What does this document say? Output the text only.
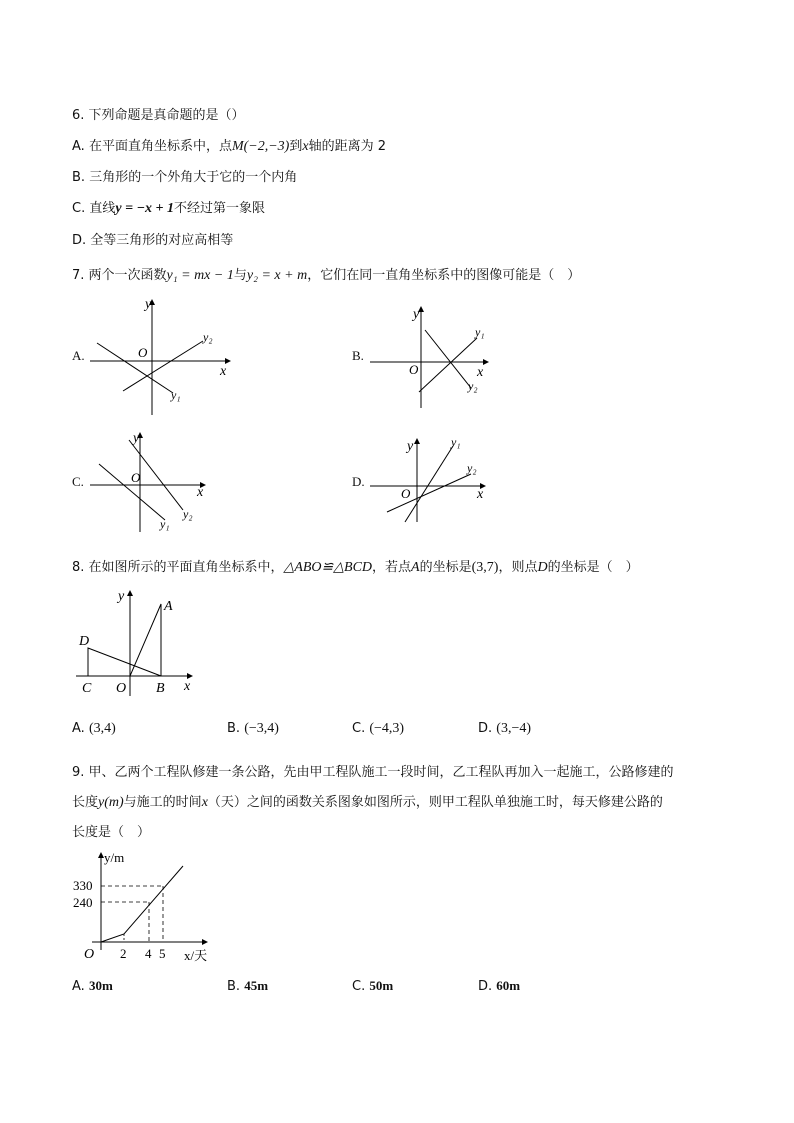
6. 下列命题是真命题的是（）
A. 在平面直角坐标系中，点M(−2,−3)到x轴的距离为 2
B. 三角形的一个外角大于它的一个内角
C. 直线y = −x + 1不经过第一象限
D. 全等三角形的对应高相等
7. 两个一次函数y₁ = mx − 1与y₂ = x + m，它们在同一直角坐标系中的图像可能是（　）
A.
y
x
O
y₂
y₁
B.
y
x
O
y₁
y₂
C.
y
x
O
y₂
y₁
D.
y
x
O
y₁
y₂
8. 在如图所示的平面直角坐标系中，△ABO≌△BCD，若点A的坐标是(3,7)，则点D的坐标是（　）
y
x
A
B
C
D
O
A. (3,4)	B. (−3,4)	C. (−4,3)	D. (3,−4)
9. 甲、乙两个工程队修建一条公路，先由甲工程队施工一段时间，乙工程队再加入一起施工，公路修建的
长度y(m)与施工的时间x（天）之间的函数关系图象如图所示，则甲工程队单独施工时，每天修建公路的
长度是（　）
y/m
x/天
O
330
240
2 4 5
A. 30m	B. 45m	C. 50m	D. 60m
